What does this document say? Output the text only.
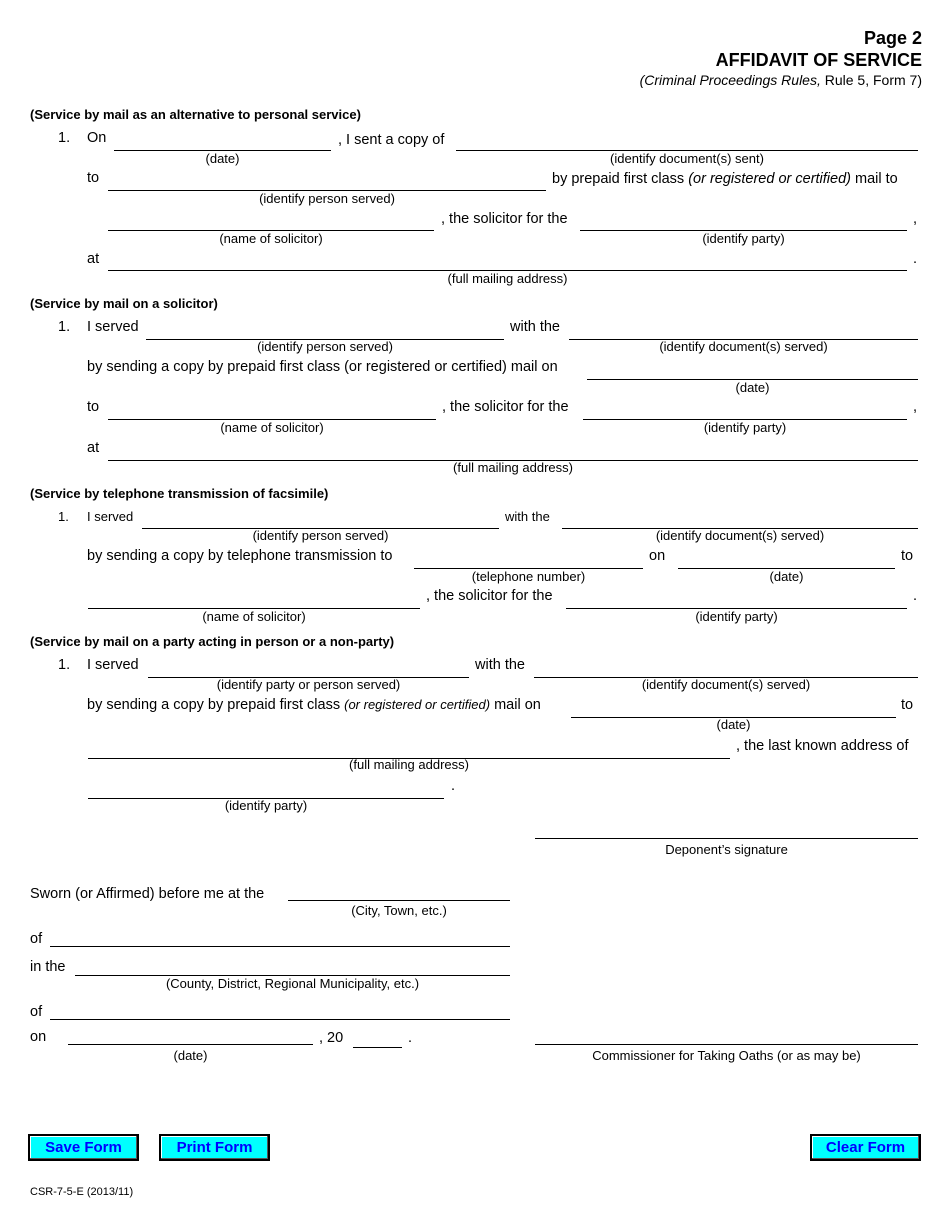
Page 2
AFFIDAVIT OF SERVICE
(Criminal Proceedings Rules, Rule 5, Form 7)
(Service by mail as an alternative to personal service)
1. On	, I sent a copy of
(date)	(identify document(s) sent)
to	by prepaid first class (or registered or certified) mail to
(identify person served)
, the solicitor for the	,
(name of solicitor)	(identify party)
at	.
(full mailing address)
(Service by mail on a solicitor)
1. I served	with the
(identify person served)	(identify document(s) served)
by sending a copy by prepaid first class (or registered or certified) mail on
(date)
to	, the solicitor for the	,
(name of solicitor)	(identify party)
at
(full mailing address)
(Service by telephone transmission of facsimile)
1. I served	with the
(identify person served)	(identify document(s) served)
by sending a copy by telephone transmission to	on	to
(telephone number)	(date)
, the solicitor for the	.
(name of solicitor)	(identify party)
(Service by mail on a party acting in person or a non-party)
1. I served	with the
(identify party or person served)	(identify document(s) served)
by sending a copy by prepaid first class (or registered or certified) mail on	to
(date)
, the last known address of
(full mailing address)
.
(identify party)
Deponent’s signature
Sworn (or Affirmed) before me at the
(City, Town, etc.)
of
in the
(County, District, Regional Municipality, etc.)
of
on	, 20	.
(date)	Commissioner for Taking Oaths (or as may be)
Save Form	Print Form	Clear Form
CSR-7-5-E (2013/11)
